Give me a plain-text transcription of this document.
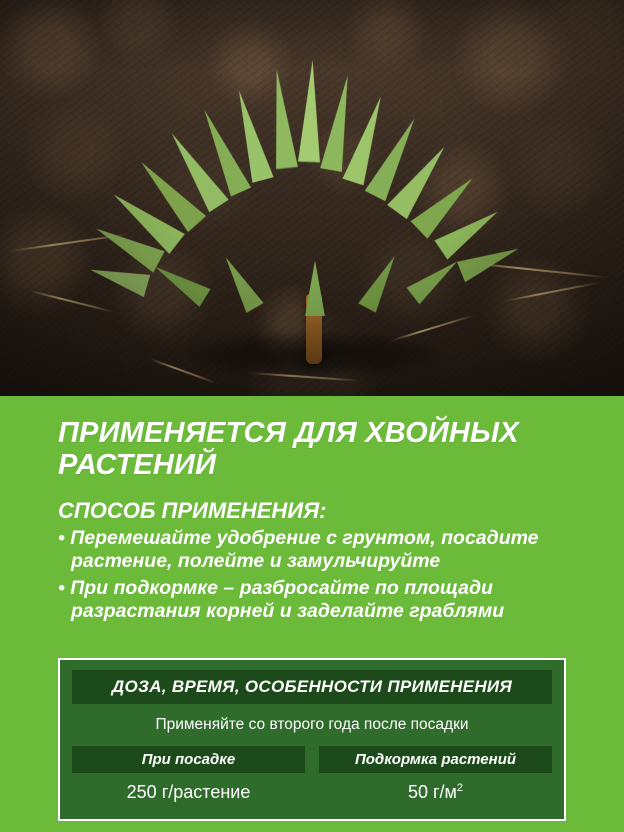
ПРИМЕНЯЕТСЯ ДЛЯ ХВОЙНЫХ РАСТЕНИЙ
СПОСОБ ПРИМЕНЕНИЯ:
• Перемешайте удобрение с грунтом, посадите растение, полейте и замульчируйте
• При подкормке – разбросайте по площади разрастания корней и заделайте граблями
ДОЗА, ВРЕМЯ, ОСОБЕННОСТИ ПРИМЕНЕНИЯ
Применяйте со второго года после посадки
При посадке
250 г/растение
Подкормка растений
50 $г/м^2$
